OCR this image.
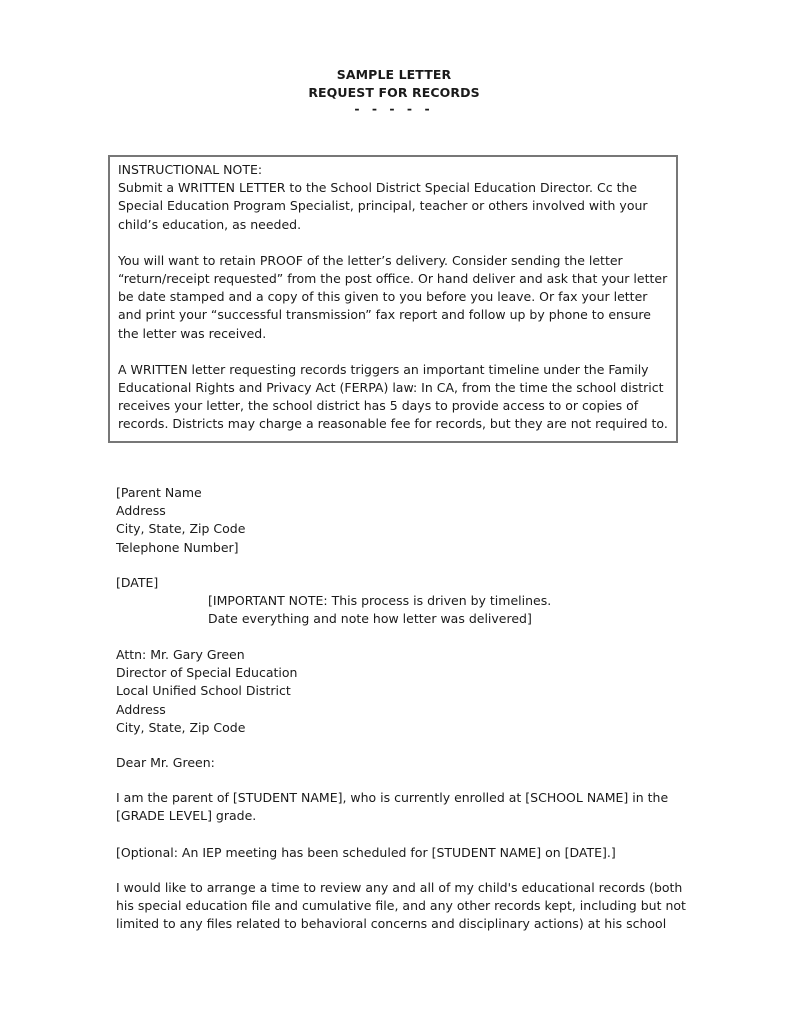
SAMPLE LETTER
REQUEST FOR RECORDS
- - - - -

INSTRUCTIONAL NOTE:
Submit a WRITTEN LETTER to the School District Special Education Director. Cc the Special Education Program Specialist, principal, teacher or others involved with your child’s education, as needed.

You will want to retain PROOF of the letter’s delivery. Consider sending the letter “return/receipt requested” from the post office. Or hand deliver and ask that your letter be date stamped and a copy of this given to you before you leave. Or fax your letter and print your “successful transmission” fax report and follow up by phone to ensure the letter was received.

A WRITTEN letter requesting records triggers an important timeline under the Family Educational Rights and Privacy Act (FERPA) law: In CA, from the time the school district receives your letter, the school district has 5 days to provide access to or copies of records. Districts may charge a reasonable fee for records, but they are not required to.

[Parent Name
Address
City, State, Zip Code
Telephone Number]
[DATE]
[IMPORTANT NOTE: This process is driven by timelines.
Date everything and note how letter was delivered]
Attn: Mr. Gary Green
Director of Special Education
Local Unified School District
Address
City, State, Zip Code
Dear Mr. Green:
I am the parent of [STUDENT NAME], who is currently enrolled at [SCHOOL NAME] in the
[GRADE LEVEL] grade.
[Optional: An IEP meeting has been scheduled for [STUDENT NAME] on [DATE].]
I would like to arrange a time to review any and all of my child's educational records (both
his special education file and cumulative file, and any other records kept, including but not
limited to any files related to behavioral concerns and disciplinary actions) at his school
